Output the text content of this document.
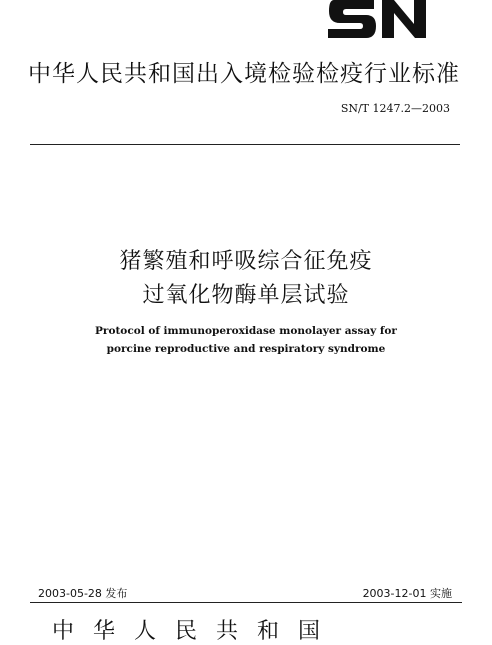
中华人民共和国出入境检验检疫行业标准
SN/T 1247.2—2003
猪繁殖和呼吸综合征免疫
过氧化物酶单层试验
Protocol of immunoperoxidase monolayer assay for
porcine reproductive and respiratory syndrome
2003-05-28 发布	2003-12-01 实施
中华人民共和国
